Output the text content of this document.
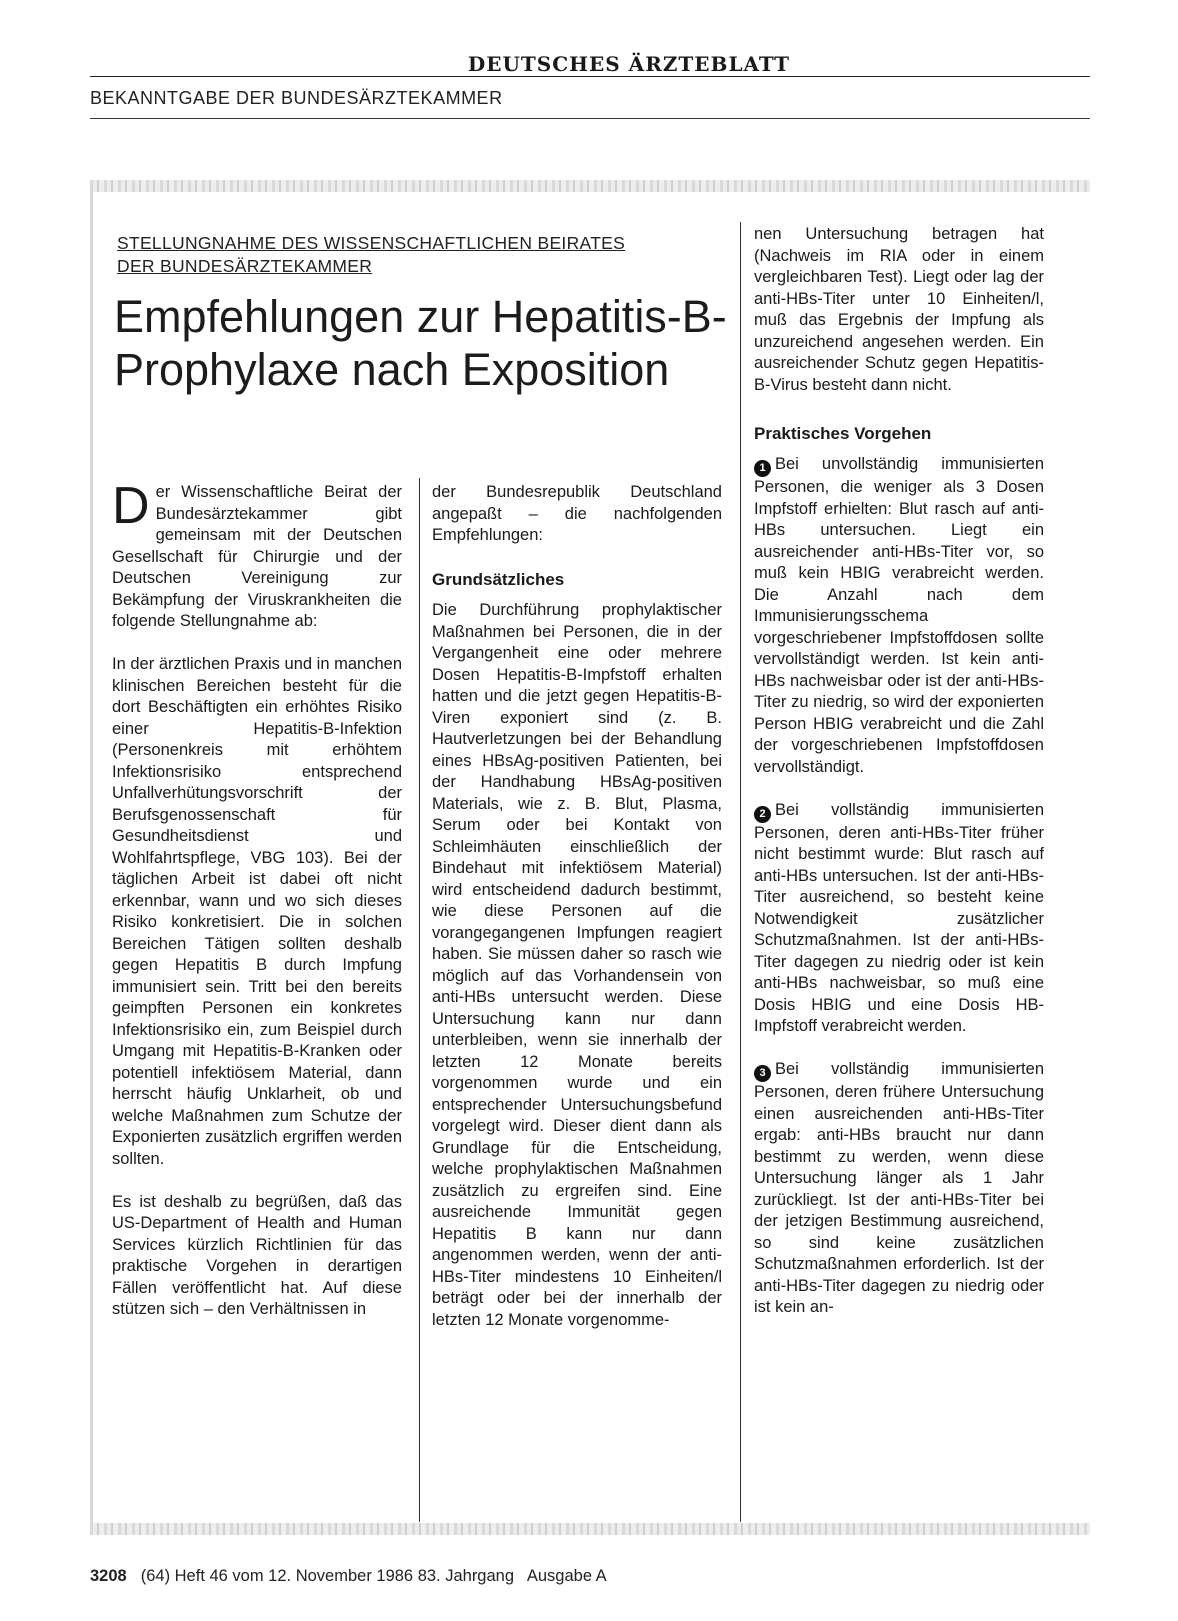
DEUTSCHES ÄRZTEBLATT
BEKANNTGABE DER BUNDESÄRZTEKAMMER
STELLUNGNAHME DES WISSENSCHAFTLICHEN BEIRATES
DER BUNDESÄRZTEKAMMER
Empfehlungen zur Hepatitis-B-Prophylaxe nach Exposition

Der Wissenschaftliche Beirat der Bundesärztekammer gibt gemeinsam mit der Deutschen Gesellschaft für Chirurgie und der Deutschen Vereinigung zur Bekämpfung der Viruskrankheiten die folgende Stellungnahme ab:

In der ärztlichen Praxis und in manchen klinischen Bereichen besteht für die dort Beschäftigten ein erhöhtes Risiko einer Hepatitis-B-Infektion (Personenkreis mit erhöhtem Infektionsrisiko entsprechend Unfallverhütungsvorschrift der Berufsgenossenschaft für Gesundheitsdienst und Wohlfahrtspflege, VBG 103). Bei der täglichen Arbeit ist dabei oft nicht erkennbar, wann und wo sich dieses Risiko konkretisiert. Die in solchen Bereichen Tätigen sollten deshalb gegen Hepatitis B durch Impfung immunisiert sein. Tritt bei den bereits geimpften Personen ein konkretes Infektionsrisiko ein, zum Beispiel durch Umgang mit Hepatitis-B-Kranken oder potentiell infektiösem Material, dann herrscht häufig Unklarheit, ob und welche Maßnahmen zum Schutze der Exponierten zusätzlich ergriffen werden sollten.

Es ist deshalb zu begrüßen, daß das US-Department of Health and Human Services kürzlich Richtlinien für das praktische Vorgehen in derartigen Fällen veröffentlicht hat. Auf diese stützen sich – den Verhältnissen in

der Bundesrepublik Deutschland angepaßt – die nachfolgenden Empfehlungen:

Grundsätzliches

Die Durchführung prophylaktischer Maßnahmen bei Personen, die in der Vergangenheit eine oder mehrere Dosen Hepatitis-B-Impfstoff erhalten hatten und die jetzt gegen Hepatitis-B-Viren exponiert sind (z. B. Hautverletzungen bei der Behandlung eines HBsAg-positiven Patienten, bei der Handhabung HBsAg-positiven Materials, wie z. B. Blut, Plasma, Serum oder bei Kontakt von Schleimhäuten einschließlich der Bindehaut mit infektiösem Material) wird entscheidend dadurch bestimmt, wie diese Personen auf die vorangegangenen Impfungen reagiert haben. Sie müssen daher so rasch wie möglich auf das Vorhandensein von anti-HBs untersucht werden. Diese Untersuchung kann nur dann unterbleiben, wenn sie innerhalb der letzten 12 Monate bereits vorgenommen wurde und ein entsprechender Untersuchungsbefund vorgelegt wird. Dieser dient dann als Grundlage für die Entscheidung, welche prophylaktischen Maßnahmen zusätzlich zu ergreifen sind. Eine ausreichende Immunität gegen Hepatitis B kann nur dann angenommen werden, wenn der anti-HBs-Titer mindestens 10 Einheiten/l beträgt oder bei der innerhalb der letzten 12 Monate vorgenomme-

nen Untersuchung betragen hat (Nachweis im RIA oder in einem vergleichbaren Test). Liegt oder lag der anti-HBs-Titer unter 10 Einheiten/l, muß das Ergebnis der Impfung als unzureichend angesehen werden. Ein ausreichender Schutz gegen Hepatitis-B-Virus besteht dann nicht.

Praktisches Vorgehen

1 Bei unvollständig immunisierten Personen, die weniger als 3 Dosen Impfstoff erhielten: Blut rasch auf anti-HBs untersuchen. Liegt ein ausreichender anti-HBs-Titer vor, so muß kein HBIG verabreicht werden. Die Anzahl nach dem Immunisierungsschema vorgeschriebener Impfstoffdosen sollte vervollständigt werden. Ist kein anti-HBs nachweisbar oder ist der anti-HBs-Titer zu niedrig, so wird der exponierten Person HBIG verabreicht und die Zahl der vorgeschriebenen Impfstoffdosen vervollständigt.

2 Bei vollständig immunisierten Personen, deren anti-HBs-Titer früher nicht bestimmt wurde: Blut rasch auf anti-HBs untersuchen. Ist der anti-HBs-Titer ausreichend, so besteht keine Notwendigkeit zusätzlicher Schutzmaßnahmen. Ist der anti-HBs-Titer dagegen zu niedrig oder ist kein anti-HBs nachweisbar, so muß eine Dosis HBIG und eine Dosis HB-Impfstoff verabreicht werden.

3 Bei vollständig immunisierten Personen, deren frühere Untersuchung einen ausreichenden anti-HBs-Titer ergab: anti-HBs braucht nur dann bestimmt zu werden, wenn diese Untersuchung länger als 1 Jahr zurückliegt. Ist der anti-HBs-Titer bei der jetzigen Bestimmung ausreichend, so sind keine zusätzlichen Schutzmaßnahmen erforderlich. Ist der anti-HBs-Titer dagegen zu niedrig oder ist kein an-

3208 (64) Heft 46 vom 12. November 1986 83. Jahrgang   Ausgabe A
